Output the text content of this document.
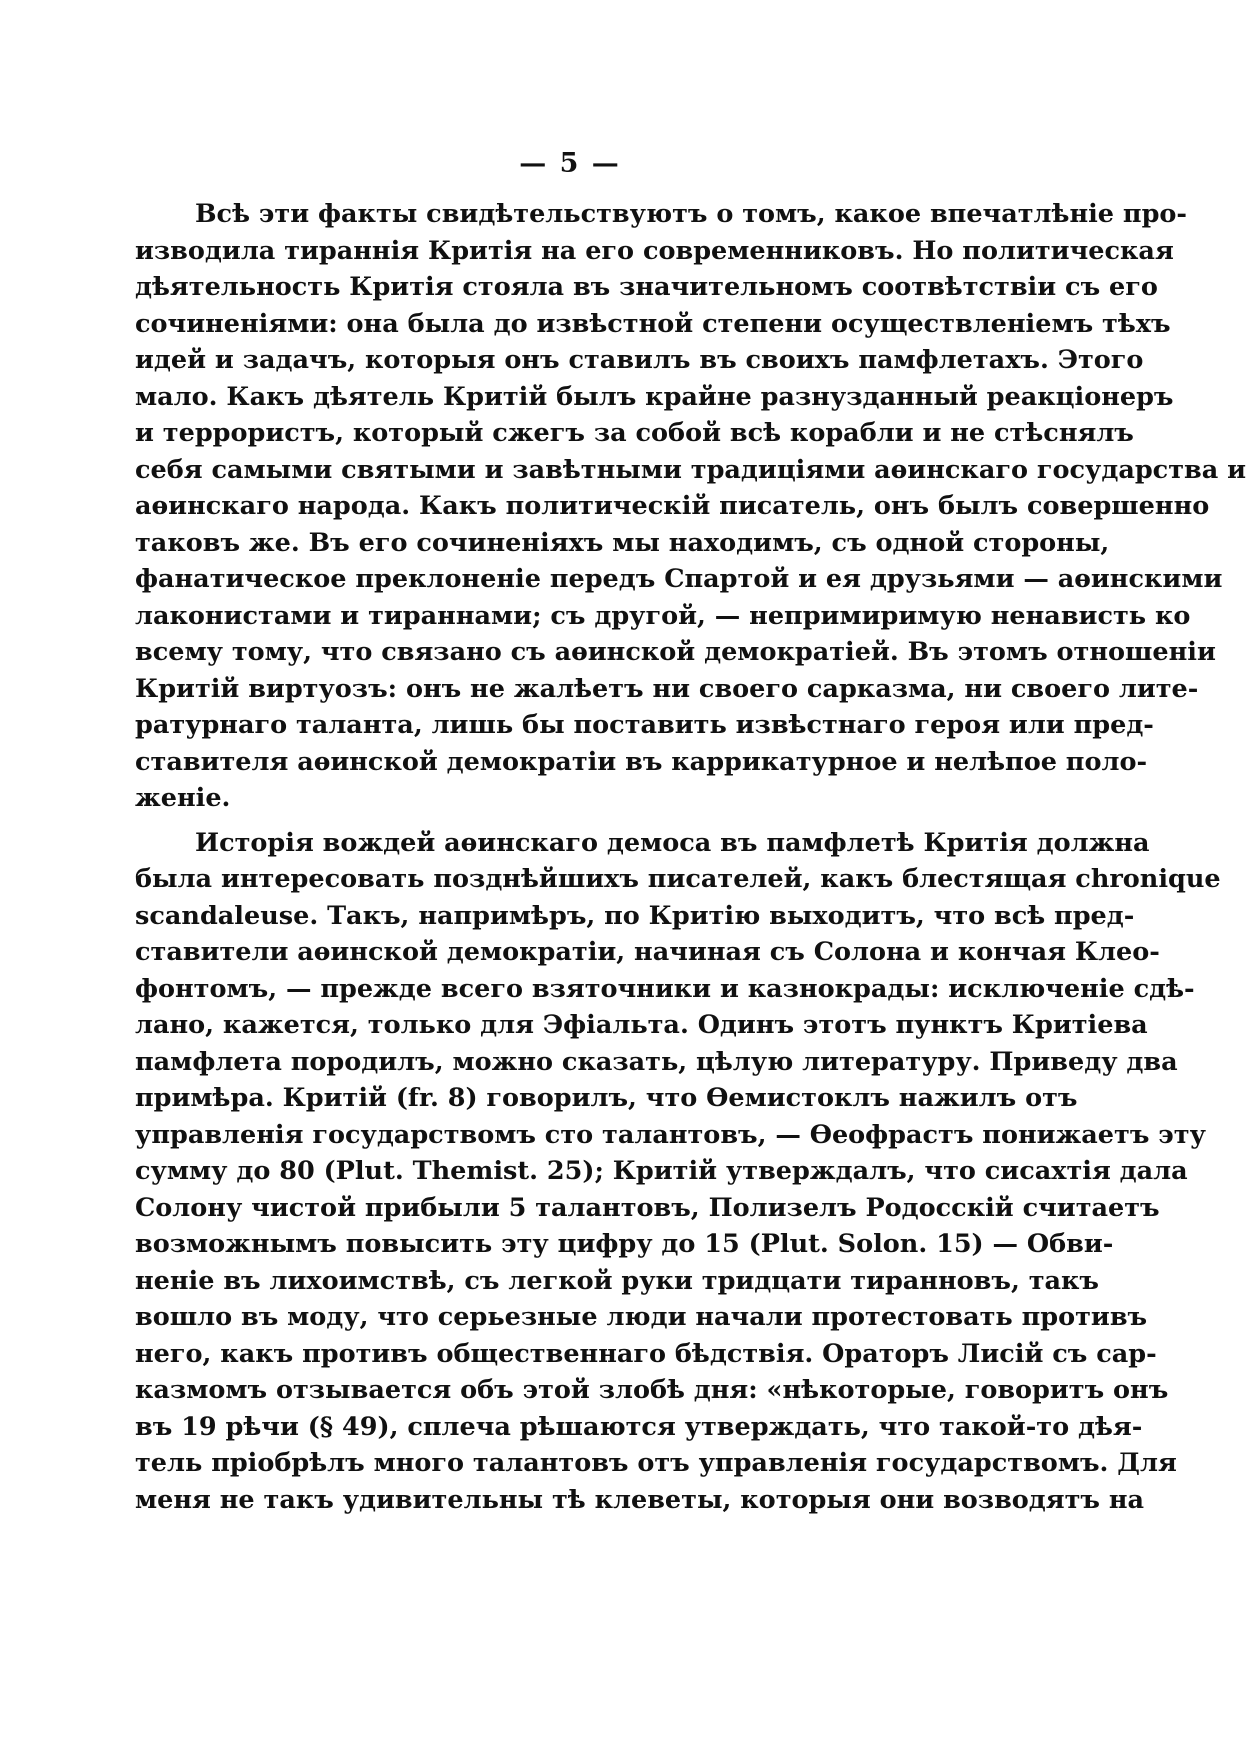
— 5 —
Всѣ эти факты свидѣтельствуютъ о томъ, какое впечатлѣніе про-
изводила тираннія Критія на его современниковъ. Но политическая
дѣятельность Критія стояла въ значительномъ соотвѣтствіи съ его
сочиненіями: она была до извѣстной степени осуществленіемъ тѣхъ
идей и задачъ, которыя онъ ставилъ въ своихъ памфлетахъ. Этого
мало. Какъ дѣятель Критій былъ крайне разнузданный реакціонеръ
и террористъ, который сжегъ за собой всѣ корабли и не стѣснялъ
себя самыми святыми и завѣтными традиціями аѳинскаго государства и
аѳинскаго народа. Какъ политическій писатель, онъ былъ совершенно
таковъ же. Въ его сочиненіяхъ мы находимъ, съ одной стороны,
фанатическое преклоненіе передъ Спартой и ея друзьями — аѳинскими
лаконистами и тираннами; съ другой, — непримиримую ненависть ко
всему тому, что связано съ аѳинской демократіей. Въ этомъ отношеніи
Критій виртуозъ: онъ не жалѣетъ ни своего сарказма, ни своего лите-
ратурнаго таланта, лишь бы поставить извѣстнаго героя или пред-
ставителя аѳинской демократіи въ каррикатурное и нелѣпое поло-
женіе.
Исторія вождей аѳинскаго демоса въ памфлетѣ Критія должна
была интересовать позднѣйшихъ писателей, какъ блестящая chronique
scandaleuse. Такъ, напримѣръ, по Критію выходитъ, что всѣ пред-
ставители аѳинской демократіи, начиная съ Солона и кончая Клео-
фонтомъ, — прежде всего взяточники и казнокрады: исключеніе сдѣ-
лано, кажется, только для Эфіальта. Одинъ этотъ пунктъ Критіева
памфлета породилъ, можно сказать, цѣлую литературу. Приведу два
примѣра. Критій (fr. 8) говорилъ, что Ѳемистоклъ нажилъ отъ
управленія государствомъ сто талантовъ, — Ѳеофрастъ понижаетъ эту
сумму до 80 (Plut. Themist. 25); Критій утверждалъ, что сисахтія дала
Солону чистой прибыли 5 талантовъ, Полизелъ Родосскій считаетъ
возможнымъ повысить эту цифру до 15 (Plut. Solon. 15) — Обви-
неніе въ лихоимствѣ, съ легкой руки тридцати тиранновъ, такъ
вошло въ моду, что серьезные люди начали протестовать противъ
него, какъ противъ общественнаго бѣдствія. Ораторъ Лисій съ сар-
казмомъ отзывается объ этой злобѣ дня: «нѣкоторые, говоритъ онъ
въ 19 рѣчи (§ 49), сплеча рѣшаются утверждать, что такой-то дѣя-
тель пріобрѣлъ много талантовъ отъ управленія государствомъ. Для
меня не такъ удивительны тѣ клеветы, которыя они возводятъ на
